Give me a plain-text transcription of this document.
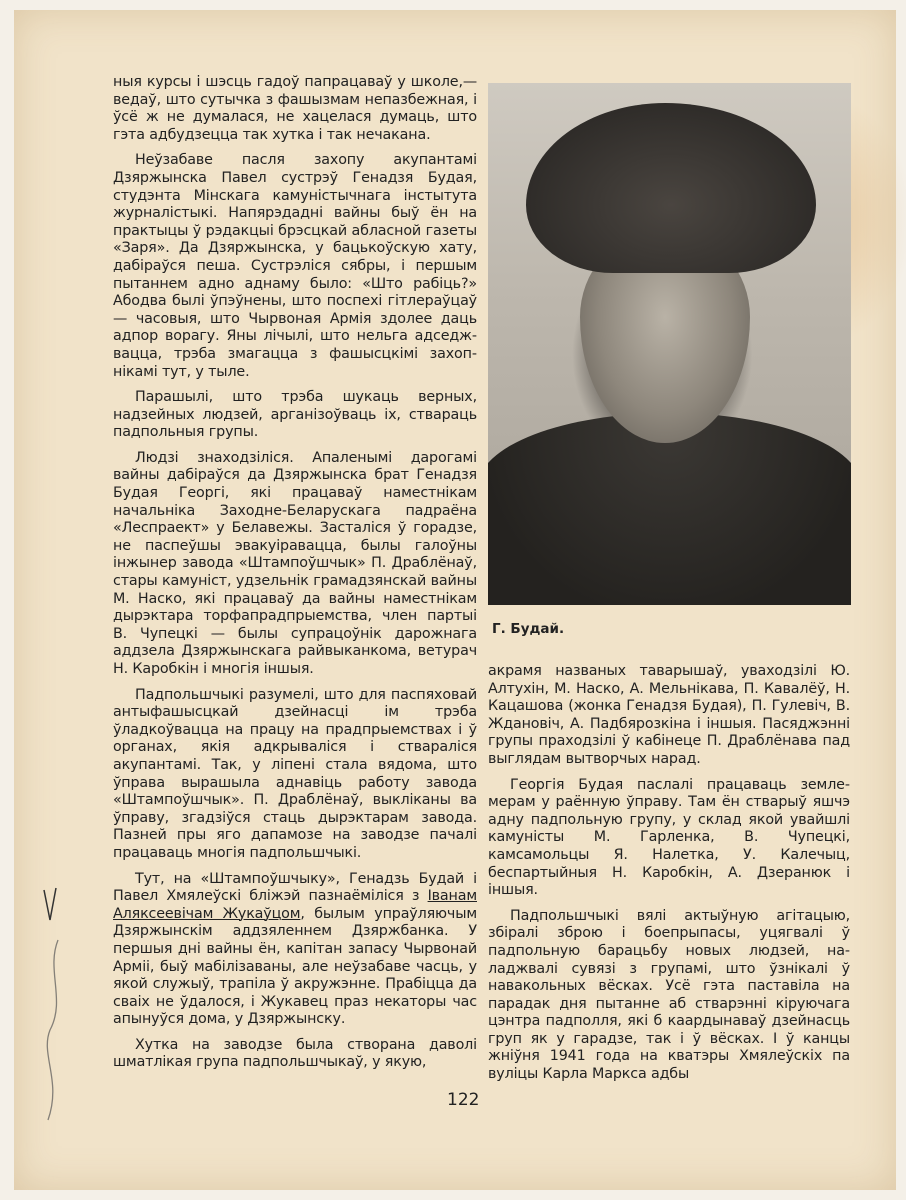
Г. Будай.

ныя курсы і шэсць гадоў папрацаваў у школе,— ведаў, што сутычка з фашызмам непазбежная, і ўсё ж не думалася, не хацелася думаць, што гэта адбудзецца так хутка і так нечакана.

Неўзабаве пасля захопу акупантамі Дзяржынска Павел сустрэў Генадзя Будая, студэнта Мінскага камуністычнага інстытута журналістыкі. Напярэдадні вайны быў ён на практыцы ў рэдакцыі брэсцкай абласной газеты «Заря». Да Дзяржынска, у бацькоўскую хату, дабіраўся пеша. Сустрэліся сябры, і першым пытаннем адно аднаму было: «Што рабіць?» Абодва былі ўпэўнены, што поспехі гітлераўцаў — часовыя, што Чырвоная Армія здолее даць адпор ворагу. Яны лічылі, што нельга адседжвацца, трэба змагацца з фашысцкімі захопнікамі тут, у тыле.

Парашылі, што трэба шукаць верных, надзейных людзей, арганізоўваць іх, ствараць падпольныя групы.

Людзі знаходзіліся. Апаленымі дарогамі вайны дабіраўся да Дзяржынска брат Генадзя Будая Георгі, які працаваў наместнікам начальніка Заходне-Беларускага падраёна «Леспраект» у Белавежы. Засталіся ў горадзе, не паспеўшы эвакуіравацца, былы галоўны інжынер завода «Штампоўшчык» П. Драблёнаў, стары камуніст, удзельнік грамадзянскай вайны М. Наско, які працаваў да вайны наместнікам дырэктара торфапрадпрыемства, член партыі В. Чупецкі — былы супрацоўнік дарожнага аддзела Дзяржынскага райвыканкома, ветурач Н. Каробкін і многія іншыя.

Падпольшчыкі разумелі, што для паспяховай антыфашысцкай дзейнасці ім трэба ўладкоўвацца на працу на прадпрыемствах і ў органах, якія адкрываліся і ствараліся акупантамі. Так, у ліпені стала вядома, што ўправа вырашыла аднавіць работу завода «Штампоўшчык». П. Драблёнаў, выкліканы ва ўправу, згадзіўся стаць дырэктарам завода. Пазней пры яго дапамозе на заводзе пачалі працаваць многія падпольшчыкі.

Тут, на «Штампоўшчыку», Генадзь Будай і Павел Хмялеўскі бліжэй пазнаёміліся з Іванам Аляксеевічам Жукаўцом, былым упраўляючым Дзяржынскім аддзяленнем Дзяржбанка. У першыя дні вайны ён, капітан запасу Чырвонай Арміі, быў мабілізаваны, але неўзабаве часць, у якой служыў, трапіла ў акружэнне. Прабіцца да сваіх не ўдалося, і Жукавец праз некаторы час апынуўся дома, у Дзяржынску.

Хутка на заводзе была створана даволі шматлікая група падпольшчыкаў, у якую,

акрамя названых таварышаў, уваходзілі Ю. Алтухін, М. Наско, А. Мельнікава, П. Кавалёў, Н. Кацашова (жонка Генадзя Будая), П. Гулевіч, В. Ждановіч, А. Падбярозкіна і іншыя. Пасяджэнні групы праходзілі ў кабінеце П. Драблёнава пад выглядам вытворчых нарад.

Георгія Будая паслалі працаваць землемерам у раённую ўправу. Там ён стварыў яшчэ адну падпольную групу, у склад якой увайшлі камуністы М. Гарленка, В. Чупецкі, камсамольцы Я. Налетка, У. Калечыц, беспартыйныя Н. Каробкін, А. Дзеранюк і іншыя.

Падпольшчыкі вялі актыўную агітацыю, збіралі зброю і боепрыпасы, уцягвалі ў падпольную барацьбу новых людзей, наладжвалі сувязі з групамі, што ўзнікалі ў навакольных вёсках. Усё гэта паставіла на парадак дня пытанне аб стварэнні кіруючага цэнтра падполля, які б каардынаваў дзейнасць груп як у гарадзе, так і ў вёсках. І ў канцы жніўня 1941 года на кватэры Хмялеўскіх па вуліцы Карла Маркса адбы

122
